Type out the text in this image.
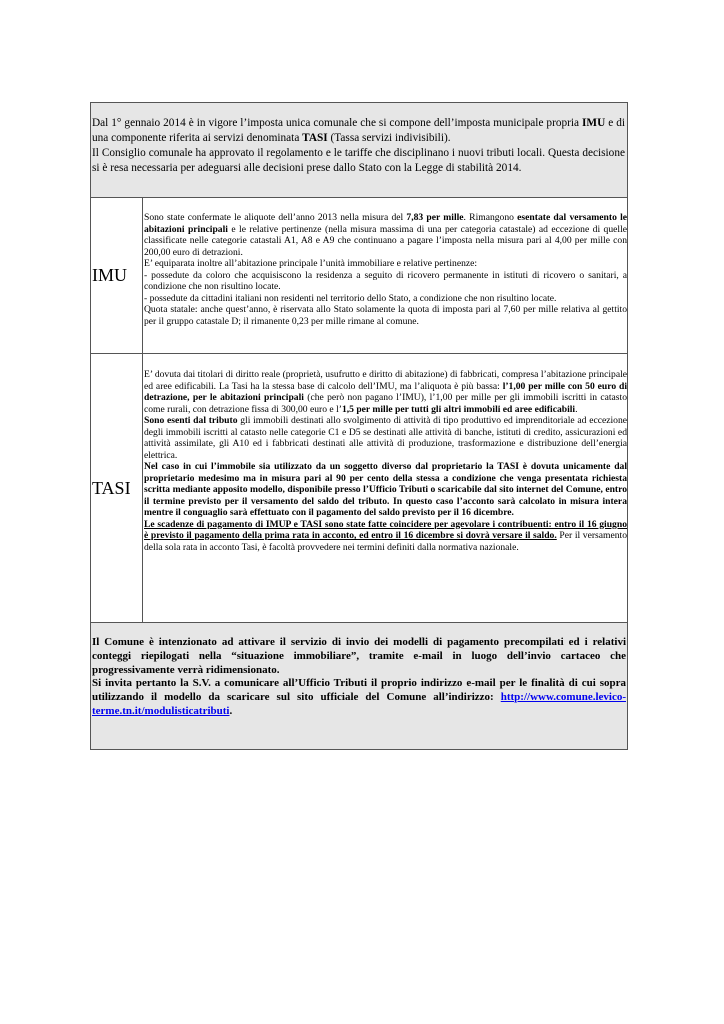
Dal 1° gennaio 2014 è in vigore l’imposta unica comunale che si compone dell’imposta municipale propria IMU e di una componente riferita ai servizi denominata TASI (Tassa servizi indivisibili).

Il Consiglio comunale ha approvato il regolamento e le tariffe che disciplinano i nuovi tributi locali. Questa decisione si è resa necessaria per adeguarsi alle decisioni prese dallo Stato con la Legge di stabilità 2014.

IMU

Sono state confermate le aliquote dell’anno 2013 nella misura del 7,83 per mille. Rimangono esentate dal versamento le abitazioni principali e le relative pertinenze (nella misura massima di una per categoria catastale) ad eccezione di quelle classificate nelle categorie catastali A1, A8 e A9 che continuano a pagare l’imposta nella misura pari al 4,00 per mille con 200,00 euro di detrazioni.

E’ equiparata inoltre all’abitazione principale l’unità immobiliare e relative pertinenze:

- possedute da coloro che acquisiscono la residenza a seguito di ricovero permanente in istituti di ricovero o sanitari, a condizione che non risultino locate.

- possedute da cittadini italiani non residenti nel territorio dello Stato, a condizione che non risultino locate.

Quota statale: anche quest’anno, è riservata allo Stato solamente la quota di imposta pari al 7,60 per mille relativa al gettito per il gruppo catastale D; il rimanente 0,23 per mille rimane al comune.

TASI

E’ dovuta dai titolari di diritto reale (proprietà, usufrutto e diritto di abitazione) di fabbricati, compresa l’abitazione principale ed aree edificabili. La Tasi ha la stessa base di calcolo dell’IMU, ma l’aliquota è più bassa: l’1,00 per mille con 50 euro di detrazione, per le abitazioni principali (che però non pagano l’IMU), l’1,00 per mille per gli immobili iscritti in catasto come rurali, con detrazione fissa di 300,00 euro e l’1,5 per mille per tutti gli altri immobili ed aree edificabili.

Sono esenti dal tributo gli immobili destinati allo svolgimento di attività di tipo produttivo ed imprenditoriale ad eccezione degli immobili iscritti al catasto nelle categorie C1 e D5 se destinati alle attività di banche, istituti di credito, assicurazioni ed attività assimilate, gli A10 ed i fabbricati destinati alle attività di produzione, trasformazione e distribuzione dell’energia elettrica.

Nel caso in cui l’immobile sia utilizzato da un soggetto diverso dal proprietario la TASI è dovuta unicamente dal proprietario medesimo ma in misura pari al 90 per cento della stessa a condizione che venga presentata richiesta scritta mediante apposito modello, disponibile presso l’Ufficio Tributi o scaricabile dal sito internet del Comune, entro il termine previsto per il versamento del saldo del tributo. In questo caso l’acconto sarà calcolato in misura intera mentre il conguaglio sarà effettuato con il pagamento del saldo previsto per il 16 dicembre.

Le scadenze di pagamento di IMUP e TASI sono state fatte coincidere per agevolare i contribuenti: entro il 16 giugno è previsto il pagamento della prima rata in acconto, ed entro il 16 dicembre si dovrà versare il saldo. Per il versamento della sola rata in acconto Tasi, è facoltà provvedere nei termini definiti dalla normativa nazionale.

Il Comune è intenzionato ad attivare il servizio di invio dei modelli di pagamento precompilati ed i relativi conteggi riepilogati nella “situazione immobiliare”, tramite e-mail in luogo dell’invio cartaceo che progressivamente verrà ridimensionato.

Si invita pertanto la S.V. a comunicare all’Ufficio Tributi il proprio indirizzo e-mail per le finalità di cui sopra utilizzando il modello da scaricare sul sito ufficiale del Comune all’indirizzo: http://www.comune.levico-terme.tn.it/modulisticatributi.
